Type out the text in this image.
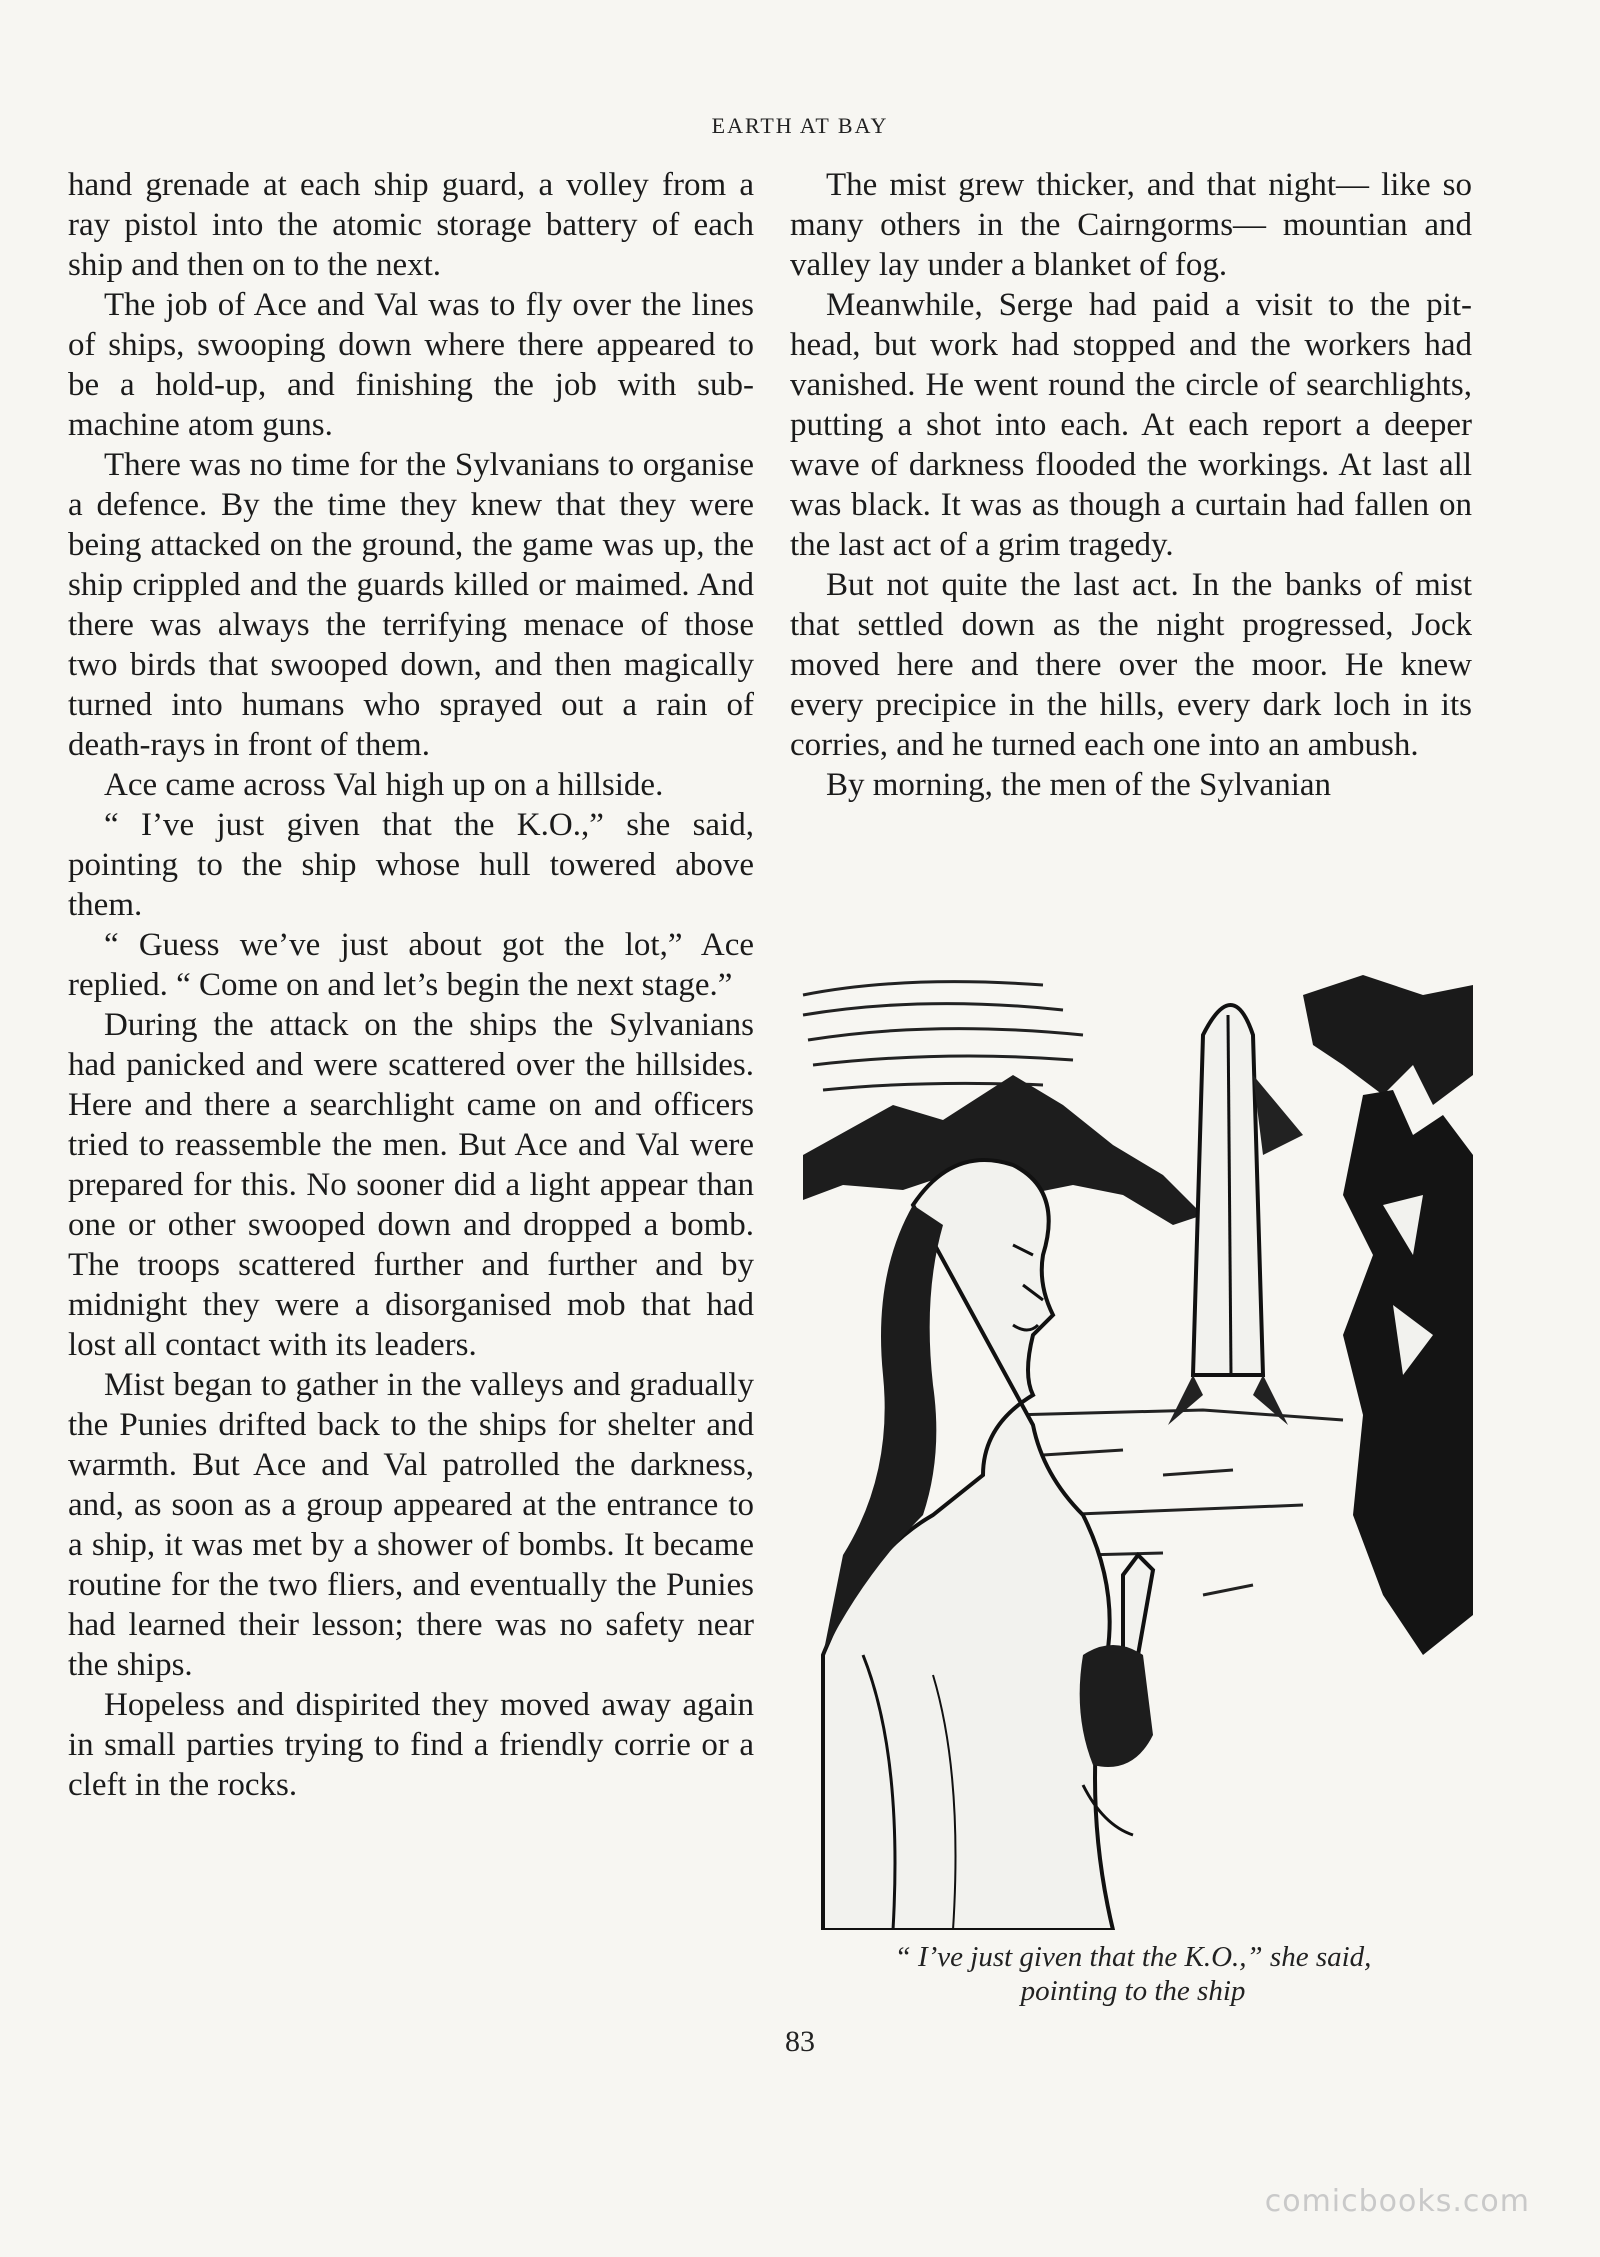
EARTH AT BAY

hand grenade at each ship guard, a volley from a ray pistol into the atomic storage battery of each ship and then on to the next.

The job of Ace and Val was to fly over the lines of ships, swooping down where there appeared to be a hold-up, and finishing the job with sub-machine atom guns.

There was no time for the Sylvanians to organise a defence. By the time they knew that they were being attacked on the ground, the game was up, the ship crippled and the guards killed or maimed. And there was always the terrifying menace of those two birds that swooped down, and then magically turned into humans who sprayed out a rain of death-rays in front of them.

Ace came across Val high up on a hillside.

“ I’ve just given that the K.O.,” she said, pointing to the ship whose hull towered above them.

“ Guess we’ve just about got the lot,” Ace replied. “ Come on and let’s begin the next stage.”

During the attack on the ships the Sylvanians had panicked and were scattered over the hillsides. Here and there a searchlight came on and officers tried to reassemble the men. But Ace and Val were prepared for this. No sooner did a light appear than one or other swooped down and dropped a bomb. The troops scattered further and further and by midnight they were a disorganised mob that had lost all contact with its leaders.

Mist began to gather in the valleys and gradually the Punies drifted back to the ships for shelter and warmth. But Ace and Val patrolled the darkness, and, as soon as a group appeared at the entrance to a ship, it was met by a shower of bombs. It became routine for the two fliers, and eventually the Punies had learned their lesson; there was no safety near the ships.

Hopeless and dispirited they moved away again in small parties trying to find a friendly corrie or a cleft in the rocks.

The mist grew thicker, and that night— like so many others in the Cairngorms— mountian and valley lay under a blanket of fog.

Meanwhile, Serge had paid a visit to the pit-head, but work had stopped and the workers had vanished. He went round the circle of searchlights, putting a shot into each. At each report a deeper wave of darkness flooded the workings. At last all was black. It was as though a curtain had fallen on the last act of a grim tragedy.

But not quite the last act. In the banks of mist that settled down as the night progressed, Jock moved here and there over the moor. He knew every precipice in the hills, every dark loch in its corries, and he turned each one into an ambush.

By morning, the men of the Sylvanian

“ I’ve just given that the K.O.,” she said,
pointing to the ship
83
comicbooks.com
